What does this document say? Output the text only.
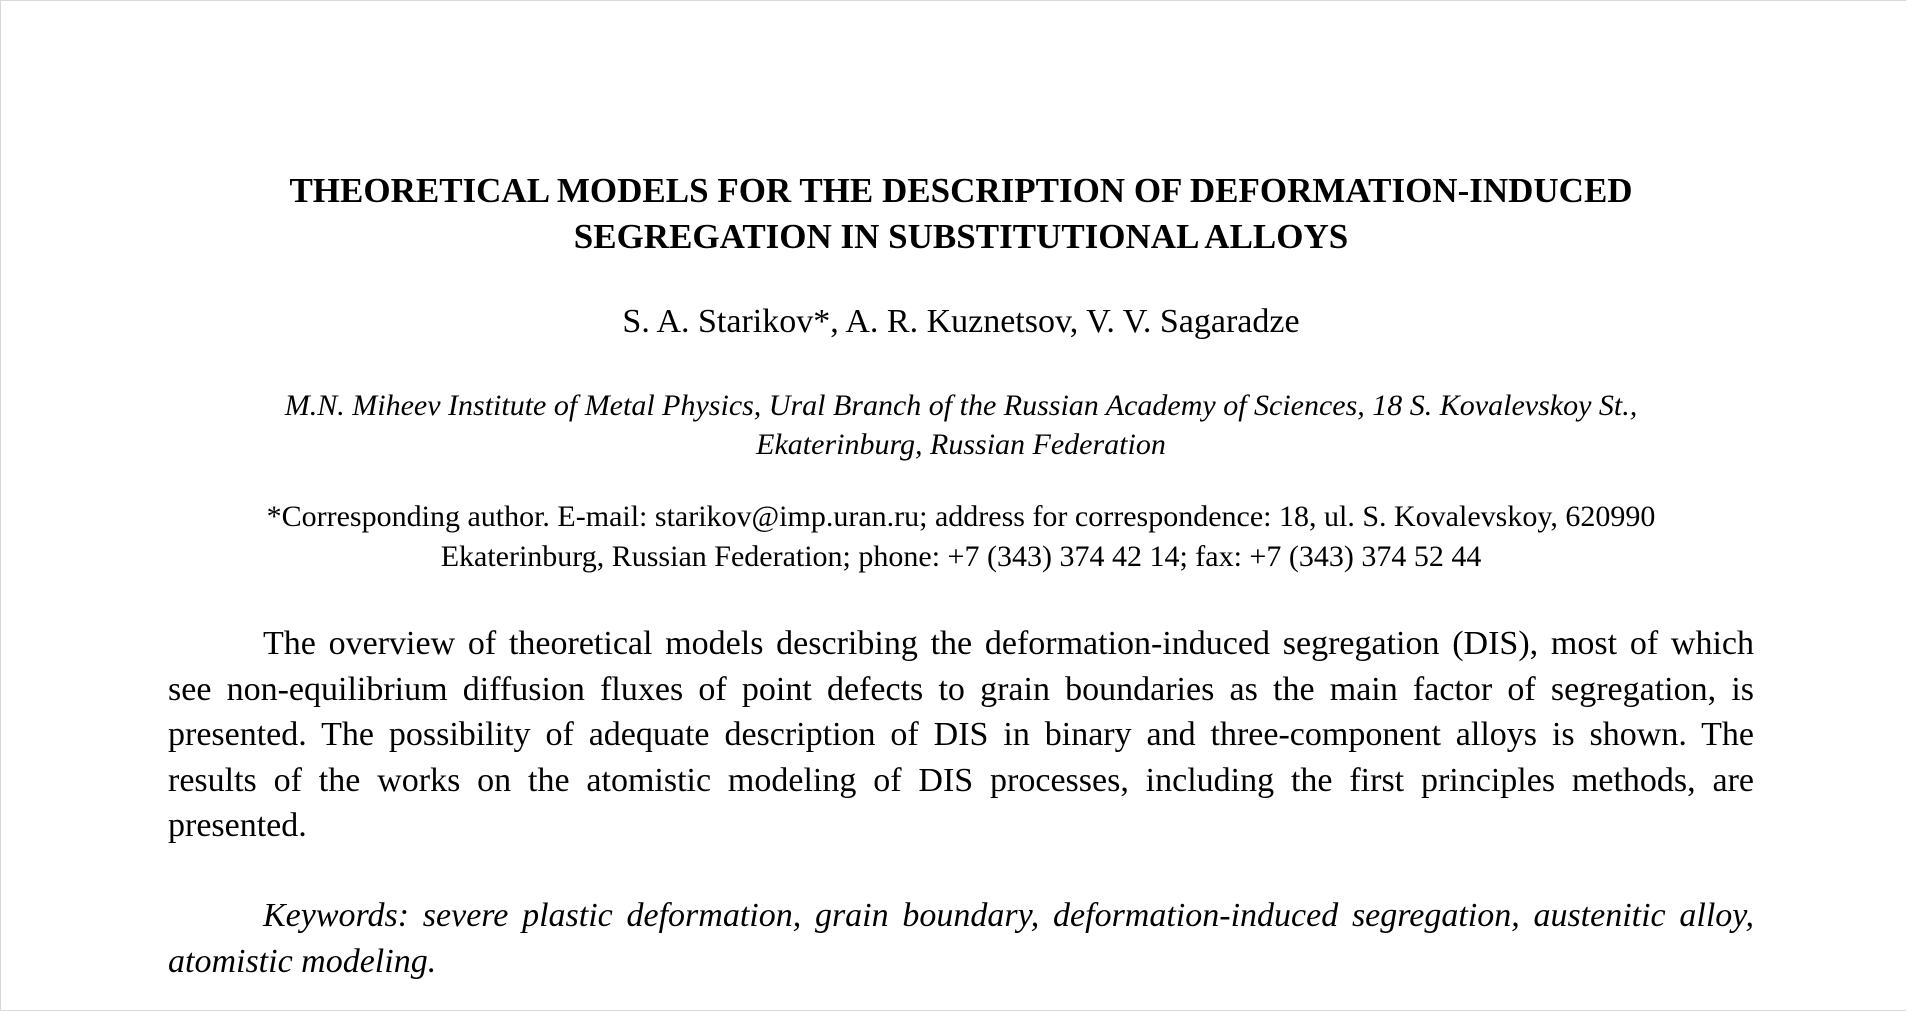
THEORETICAL MODELS FOR THE DESCRIPTION OF DEFORMATION-INDUCED
SEGREGATION IN SUBSTITUTIONAL ALLOYS
S. A. Starikov*, A. R. Kuznetsov, V. V. Sagaradze
M.N. Miheev Institute of Metal Physics, Ural Branch of the Russian Academy of Sciences, 18 S. Kovalevskoy St.,
Ekaterinburg, Russian Federation
*Corresponding author. E-mail: starikov@imp.uran.ru; address for correspondence: 18, ul. S. Kovalevskoy, 620990
Ekaterinburg, Russian Federation; phone: +7 (343) 374 42 14; fax: +7 (343) 374 52 44

The overview of theoretical models describing the deformation-induced segregation (DIS), most of which see non-equilibrium diffusion fluxes of point defects to grain boundaries as the main factor of segregation, is presented. The possibility of adequate description of DIS in binary and three-component alloys is shown. The results of the works on the atomistic modeling of DIS processes, including the first principles methods, are presented.

Keywords: severe plastic deformation, grain boundary, deformation-induced segregation, austenitic alloy, atomistic modeling.
